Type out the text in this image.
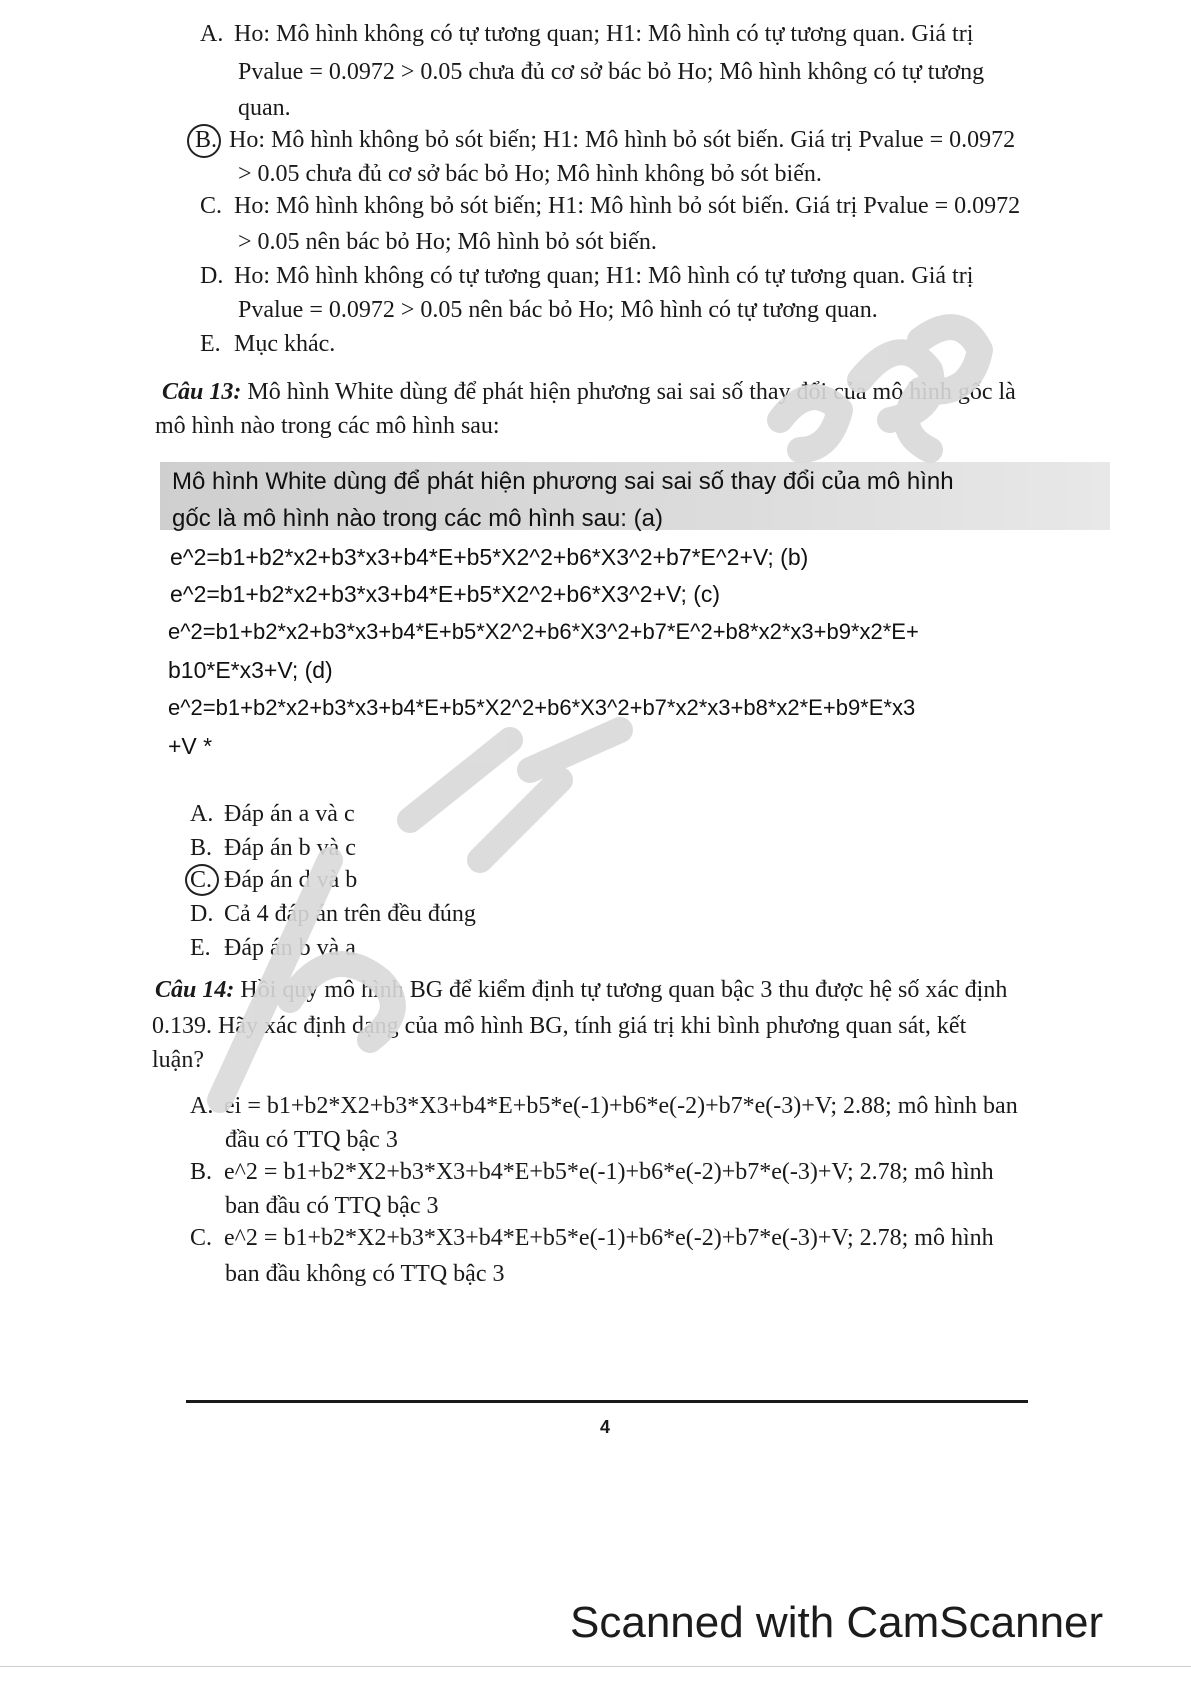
A. Ho: Mô hình không có tự tương quan; H1: Mô hình có tự tương quan. Giá trị
Pvalue = 0.0972 > 0.05 chưa đủ cơ sở bác bỏ Ho; Mô hình không có tự tương
quan.
B. Ho: Mô hình không bỏ sót biến; H1: Mô hình bỏ sót biến. Giá trị Pvalue = 0.0972
> 0.05 chưa đủ cơ sở bác bỏ Ho; Mô hình không bỏ sót biến.
C. Ho: Mô hình không bỏ sót biến; H1: Mô hình bỏ sót biến. Giá trị Pvalue = 0.0972
> 0.05 nên bác bỏ Ho; Mô hình bỏ sót biến.
D. Ho: Mô hình không có tự tương quan; H1: Mô hình có tự tương quan. Giá trị
Pvalue = 0.0972 > 0.05 nên bác bỏ Ho; Mô hình có tự tương quan.
E. Mục khác.
Câu 13: Mô hình White dùng để phát hiện phương sai sai số thay đổi của mô hình gốc là
mô hình nào trong các mô hình sau:
Mô hình White dùng để phát hiện phương sai sai số thay đổi của mô hình
gốc là mô hình nào trong các mô hình sau: (a)
e^2=b1+b2*x2+b3*x3+b4*E+b5*X2^2+b6*X3^2+b7*E^2+V; (b)
e^2=b1+b2*x2+b3*x3+b4*E+b5*X2^2+b6*X3^2+V; (c)
e^2=b1+b2*x2+b3*x3+b4*E+b5*X2^2+b6*X3^2+b7*E^2+b8*x2*x3+b9*x2*E+
b10*E*x3+V; (d)
e^2=b1+b2*x2+b3*x3+b4*E+b5*X2^2+b6*X3^2+b7*x2*x3+b8*x2*E+b9*E*x3
+V *
A. Đáp án a và c
B. Đáp án b và c
C. Đáp án d và b
D. Cả 4 đáp án trên đều đúng
E. Đáp án b và a
Câu 14: Hồi quy mô hình BG để kiểm định tự tương quan bậc 3 thu được hệ số xác định
0.139. Hãy xác định dạng của mô hình BG, tính giá trị khi bình phương quan sát, kết
luận?
A. ei = b1+b2*X2+b3*X3+b4*E+b5*e(-1)+b6*e(-2)+b7*e(-3)+V; 2.88; mô hình ban
đầu có TTQ bậc 3
B. e^2 = b1+b2*X2+b3*X3+b4*E+b5*e(-1)+b6*e(-2)+b7*e(-3)+V; 2.78; mô hình
ban đầu có TTQ bậc 3
C. e^2 = b1+b2*X2+b3*X3+b4*E+b5*e(-1)+b6*e(-2)+b7*e(-3)+V; 2.78; mô hình
ban đầu không có TTQ bậc 3
4
Scanned with CamScanner
